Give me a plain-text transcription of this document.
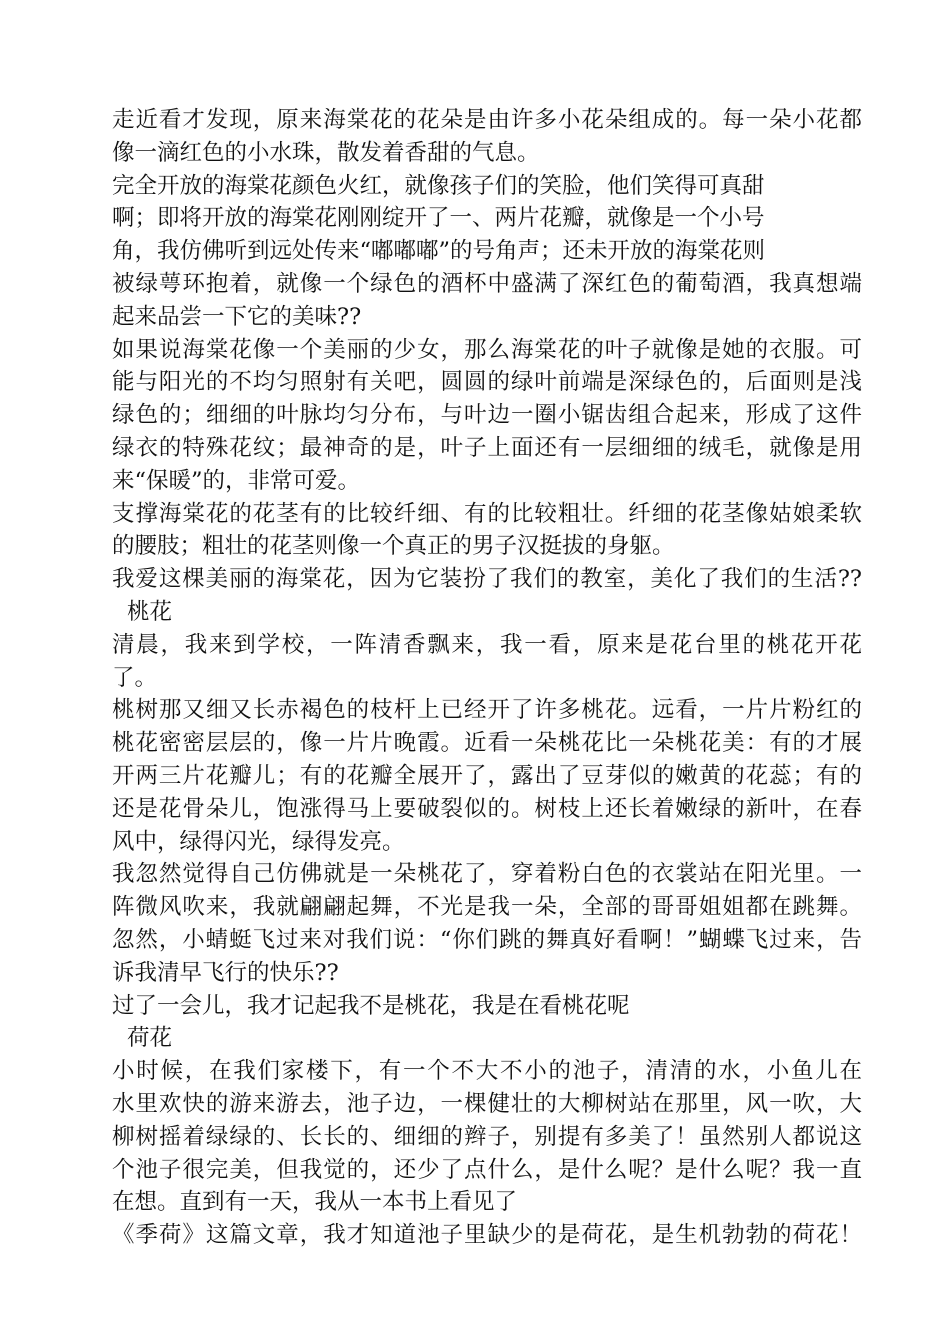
走近看才发现，原来海棠花的花朵是由许多小花朵组成的。每一朵小花都
像一滴红色的小水珠，散发着香甜的气息。
完全开放的海棠花颜色火红，就像孩子们的笑脸，他们笑得可真甜
啊；即将开放的海棠花刚刚绽开了一、两片花瓣，就像是一个小号
角，我仿佛听到远处传来“嘟嘟嘟”的号角声；还未开放的海棠花则
被绿萼环抱着，就像一个绿色的酒杯中盛满了深红色的葡萄酒，我真想端
起来品尝一下它的美味??
如果说海棠花像一个美丽的少女，那么海棠花的叶子就像是她的衣服。可
能与阳光的不均匀照射有关吧，圆圆的绿叶前端是深绿色的，后面则是浅
绿色的；细细的叶脉均匀分布，与叶边一圈小锯齿组合起来，形成了这件
绿衣的特殊花纹；最神奇的是，叶子上面还有一层细细的绒毛，就像是用
来“保暖”的，非常可爱。
支撑海棠花的花茎有的比较纤细、有的比较粗壮。纤细的花茎像姑娘柔软
的腰肢；粗壮的花茎则像一个真正的男子汉挺拔的身躯。
我爱这棵美丽的海棠花，因为它装扮了我们的教室，美化了我们的生活??
桃花
清晨，我来到学校，一阵清香飘来，我一看，原来是花台里的桃花开花
了。
桃树那又细又长赤褐色的枝杆上已经开了许多桃花。远看，一片片粉红的
桃花密密层层的，像一片片晚霞。近看一朵桃花比一朵桃花美：有的才展
开两三片花瓣儿；有的花瓣全展开了，露出了豆芽似的嫩黄的花蕊；有的
还是花骨朵儿，饱涨得马上要破裂似的。树枝上还长着嫩绿的新叶，在春
风中，绿得闪光，绿得发亮。
我忽然觉得自己仿佛就是一朵桃花了，穿着粉白色的衣裳站在阳光里。一
阵微风吹来，我就翩翩起舞，不光是我一朵，全部的哥哥姐姐都在跳舞。
忽然，小蜻蜓飞过来对我们说：“你们跳的舞真好看啊！”蝴蝶飞过来，告
诉我清早飞行的快乐??
过了一会儿，我才记起我不是桃花，我是在看桃花呢
荷花
小时候，在我们家楼下，有一个不大不小的池子，清清的水，小鱼儿在
水里欢快的游来游去，池子边，一棵健壮的大柳树站在那里，风一吹，大
柳树摇着绿绿的、长长的、细细的辫子，别提有多美了！虽然别人都说这
个池子很完美，但我觉的，还少了点什么，是什么呢？是什么呢？我一直
在想。直到有一天，我从一本书上看见了
《季荷》这篇文章，我才知道池子里缺少的是荷花，是生机勃勃的荷花！
